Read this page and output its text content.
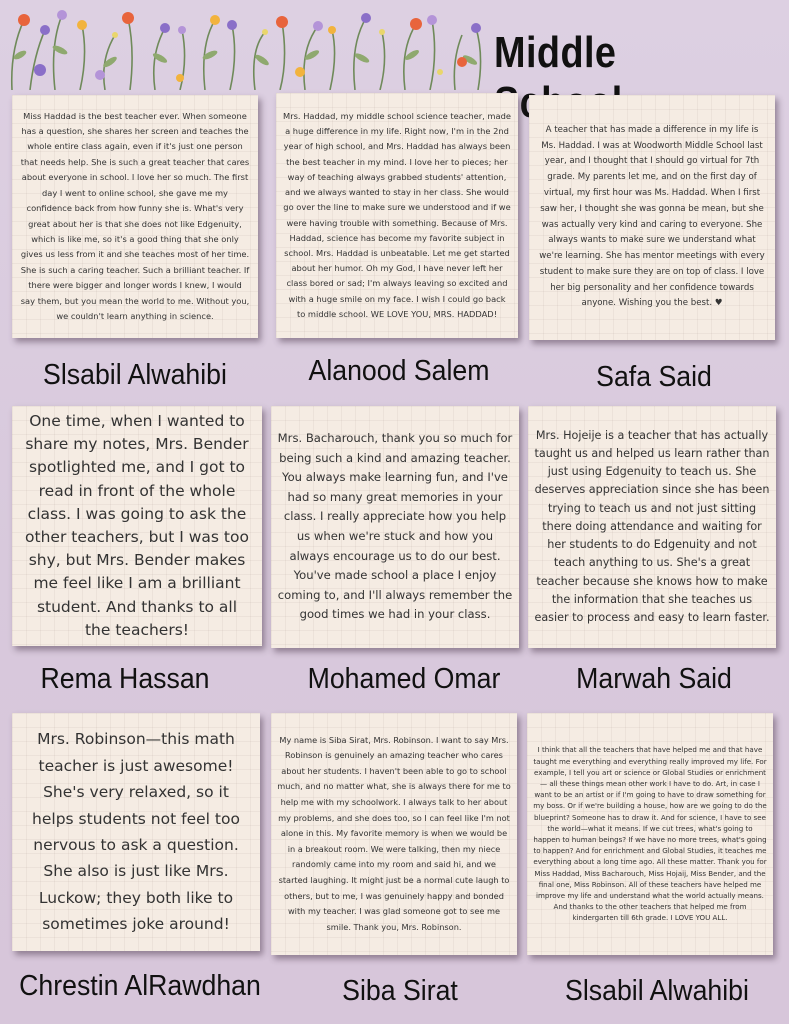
Middle

Miss Haddad is the best teacher ever. When someone has a question, she shares her screen and teaches the whole entire class again, even if it's just one person that needs help. She is such a great teacher that cares about everyone in school. I love her so much. The first day I went to online school, she gave me my confidence back from how funny she is. What's very great about her is that she does not like Edgenuity, which is like me, so it's a good thing that she only gives us less from it and she teaches most of her time. She is such a caring teacher. Such a brilliant teacher. If there were bigger and longer words I knew, I would say them, but you mean the world to me. Without you, we couldn't learn anything in science.

Slsabil Alwahibi

Mrs. Haddad, my middle school science teacher, made a huge difference in my life. Right now, I'm in the 2nd year of high school, and Mrs. Haddad has always been the best teacher in my mind. I love her to pieces; her way of teaching always grabbed students' attention, and we always wanted to stay in her class. She would go over the line to make sure we understood and if we were having trouble with something. Because of Mrs. Haddad, science has become my favorite subject in school. Mrs. Haddad is unbeatable. Let me get started about her humor. Oh my God, I have never left her class bored or sad; I'm always leaving so excited and with a huge smile on my face. I wish I could go back to middle school. WE LOVE YOU, MRS. HADDAD!

Alanood Salem

A teacher that has made a difference in my life is Ms. Haddad. I was at Woodworth Middle School last year, and I thought that I should go virtual for 7th grade. My parents let me, and on the first day of virtual, my first hour was Ms. Haddad. When I first saw her, I thought she was gonna be mean, but she was actually very kind and caring to everyone. She always wants to make sure we understand what we're learning. She has mentor meetings with every student to make sure they are on top of class. I love her big personality and her confidence towards anyone. Wishing you the best. ♥

Safa Said

One time, when I wanted to share my notes, Mrs. Bender spotlighted me, and I got to read in front of the whole class. I was going to ask the other teachers, but I was too shy, but Mrs. Bender makes me feel like I am a brilliant student. And thanks to all the teachers!

Rema Hassan

Mrs. Bacharouch, thank you so much for being such a kind and amazing teacher. You always make learning fun, and I've had so many great memories in your class. I really appreciate how you help us when we're stuck and how you always encourage us to do our best. You've made school a place I enjoy coming to, and I'll always remember the good times we had in your class.

Mohamed Omar

Mrs. Hojeije is a teacher that has actually taught us and helped us learn rather than just using Edgenuity to teach us. She deserves appreciation since she has been trying to teach us and not just sitting there doing attendance and waiting for her students to do Edgenuity and not teach anything to us. She's a great teacher because she knows how to make the information that she teaches us easier to process and easy to learn faster.

Marwah Said

Mrs. Robinson—this math teacher is just awesome! She's very relaxed, so it helps students not feel too nervous to ask a question. She also is just like Mrs. Luckow; they both like to sometimes joke around!

Chrestin AlRawdhan

My name is Siba Sirat, Mrs. Robinson. I want to say Mrs. Robinson is genuinely an amazing teacher who cares about her students. I haven't been able to go to school much, and no matter what, she is always there for me to help me with my schoolwork. I always talk to her about my problems, and she does too, so I can feel like I'm not alone in this. My favorite memory is when we would be in a breakout room. We were talking, then my niece randomly came into my room and said hi, and we started laughing. It might just be a normal cute laugh to others, but to me, I was genuinely happy and bonded with my teacher. I was glad someone got to see me smile. Thank you, Mrs. Robinson.

Siba Sirat

I think that all the teachers that have helped me and that have taught me everything and everything really improved my life. For example, I tell you art or science or Global Studies or enrichment— all these things mean other work I have to do. Art, in case I want to be an artist or if I'm going to have to draw something for my boss. Or if we're building a house, how are we going to do the blueprint? Someone has to draw it. And for science, I have to see the world—what it means. If we cut trees, what's going to happen to human beings? If we have no more trees, what's going to happen? And for enrichment and Global Studies, it teaches me everything about a long time ago. All these matter. Thank you for Miss Haddad, Miss Bacharouch, Miss Hojaij, Miss Bender, and the final one, Miss Robinson. All of these teachers have helped me improve my life and understand what the world actually means. And thanks to the other teachers that helped me from kindergarten till 6th grade. I LOVE YOU ALL.

Slsabil Alwahibi
